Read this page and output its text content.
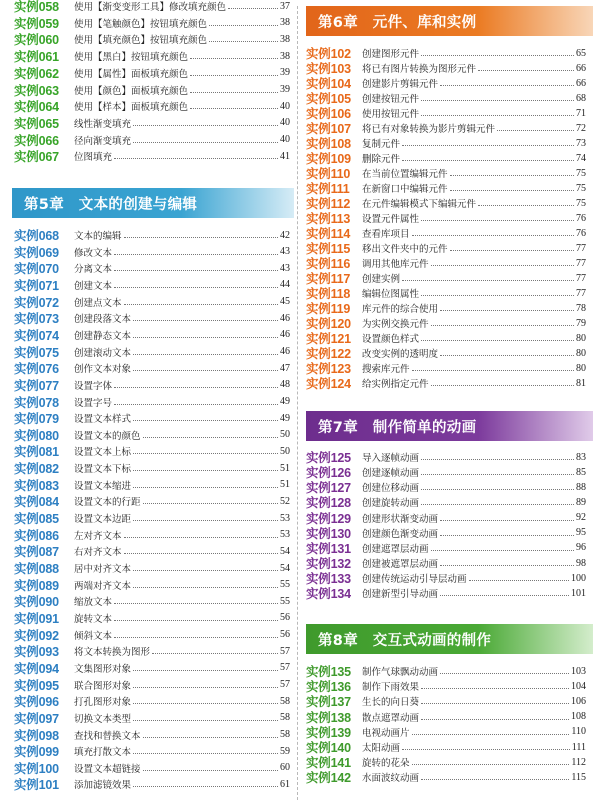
实例058	使用【渐变变形工具】修改填充颜色	37
实例059	使用【笔触颜色】按钮填充颜色	38
实例060	使用【填充颜色】按钮填充颜色	38
实例061	使用【黑白】按钮填充颜色	38
实例062	使用【属性】面板填充颜色	39
实例063	使用【颜色】面板填充颜色	39
实例064	使用【样本】面板填充颜色	40
实例065	线性渐变填充	40
实例066	径向渐变填充	40
实例067	位图填充	41
第5章　文本的创建与编辑
实例068	文本的编辑	42
实例069	修改文本	43
实例070	分离文本	43
实例071	创建文本	44
实例072	创建点文本	45
实例073	创建段落文本	46
实例074	创建静态文本	46
实例075	创建滚动文本	46
实例076	创作文本对象	47
实例077	设置字体	48
实例078	设置字号	49
实例079	设置文本样式	49
实例080	设置文本的颜色	50
实例081	设置文本上标	50
实例082	设置文本下标	51
实例083	设置文本缩进	51
实例084	设置文本的行距	52
实例085	设置文本边距	53
实例086	左对齐文本	53
实例087	右对齐文本	54
实例088	居中对齐文本	54
实例089	两端对齐文本	55
实例090	缩放文本	55
实例091	旋转文本	56
实例092	倾斜文本	56
实例093	将文本转换为图形	57
实例094	文集图形对象	57
实例095	联合图形对象	57
实例096	打孔图形对象	58
实例097	切换文本类型	58
实例098	查找和替换文本	58
实例099	填充打散文本	59
实例100	设置文本超链接	60
实例101	添加滤镜效果	61
第6章　元件、库和实例
实例102	创建图形元件	65
实例103	将已有图片转换为图形元件	66
实例104	创建影片剪辑元件	66
实例105	创建按钮元件	68
实例106	使用按钮元件	71
实例107	将已有对象转换为影片剪辑元件	72
实例108	复制元件	73
实例109	删除元件	74
实例110	在当前位置编辑元件	75
实例111	在新窗口中编辑元件	75
实例112	在元件编辑模式下编辑元件	75
实例113	设置元件属性	76
实例114	查看库项目	76
实例115	移出文件夹中的元件	77
实例116	调用其他库元件	77
实例117	创建实例	77
实例118	编辑位图属性	77
实例119	库元件的综合使用	78
实例120	为实例交换元件	79
实例121	设置颜色样式	80
实例122	改变实例的透明度	80
实例123	搜索库元件	80
实例124	给实例指定元件	81
第7章　制作简单的动画
实例125	导入逐帧动画	83
实例126	创建逐帧动画	85
实例127	创建位移动画	88
实例128	创建旋转动画	89
实例129	创建形状渐变动画	92
实例130	创建颜色渐变动画	95
实例131	创建遮罩层动画	96
实例132	创建被遮罩层动画	98
实例133	创建传统运动引导层动画	100
实例134	创建新型引导动画	101
第8章　交互式动画的制作
实例135	制作气球飘动动画	103
实例136	制作下雨效果	104
实例137	生长的向日葵	106
实例138	散点遮罩动画	108
实例139	电视动画片	110
实例140	太阳动画	111
实例141	旋转的花朵	112
实例142	水面波纹动画	115
